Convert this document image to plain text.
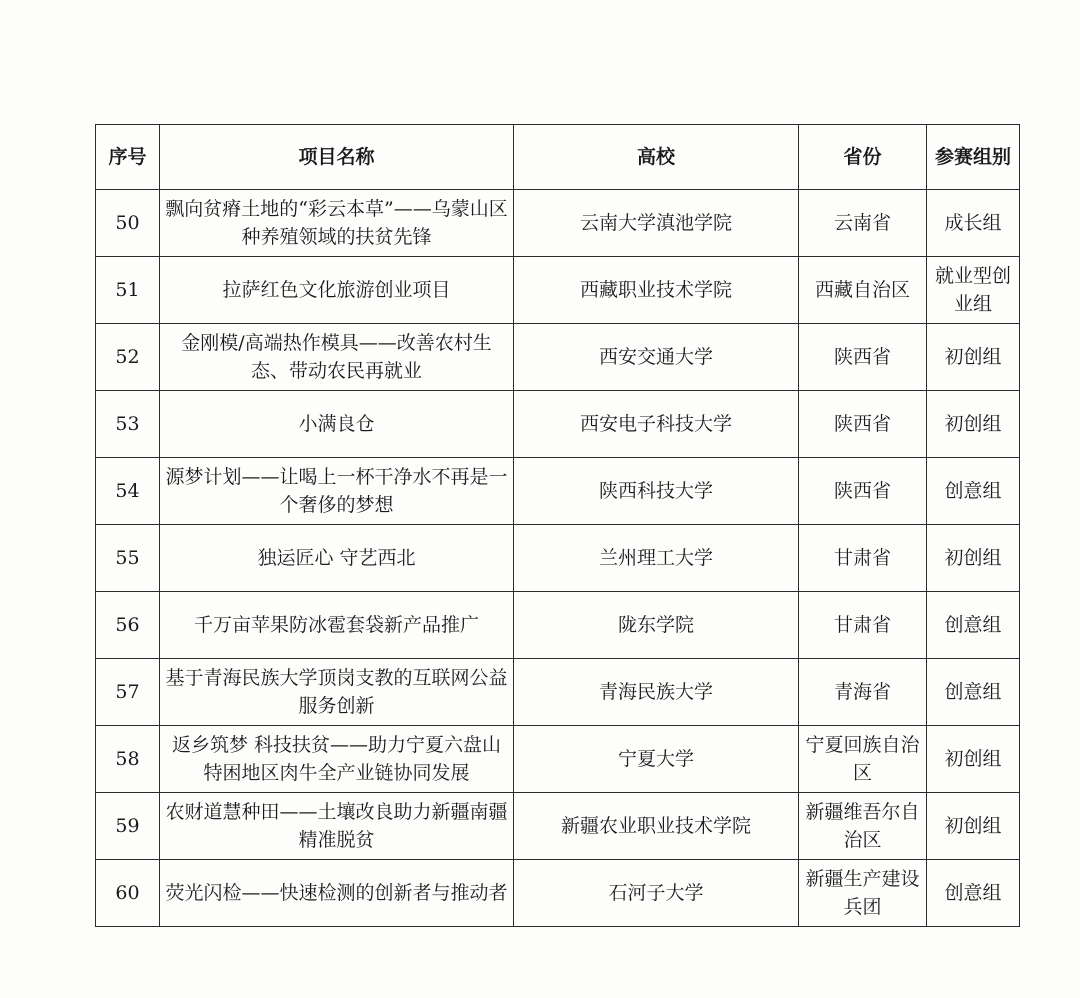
序号	项目名称	高校	省份	参赛组别

50	飘向贫瘠土地的“彩云本草”——乌蒙山区种养殖领域的扶贫先锋	云南大学滇池学院	云南省	成长组

51	拉萨红色文化旅游创业项目	西藏职业技术学院	西藏自治区	就业型创业组

52	金刚模/高端热作模具——改善农村生态、带动农民再就业	西安交通大学	陕西省	初创组

53	小满良仓	西安电子科技大学	陕西省	初创组

54	源梦计划——让喝上一杯干净水不再是一个奢侈的梦想	陕西科技大学	陕西省	创意组

55	独运匠心 守艺西北	兰州理工大学	甘肃省	初创组

56	千万亩苹果防冰雹套袋新产品推广	陇东学院	甘肃省	创意组

57	基于青海民族大学顶岗支教的互联网公益服务创新	青海民族大学	青海省	创意组

58	返乡筑梦 科技扶贫——助力宁夏六盘山特困地区肉牛全产业链协同发展	宁夏大学	宁夏回族自治区	初创组

59	农财道慧种田——土壤改良助力新疆南疆精准脱贫	新疆农业职业技术学院	新疆维吾尔自治区	初创组

60	荧光闪检——快速检测的创新者与推动者	石河子大学	新疆生产建设兵团	创意组
